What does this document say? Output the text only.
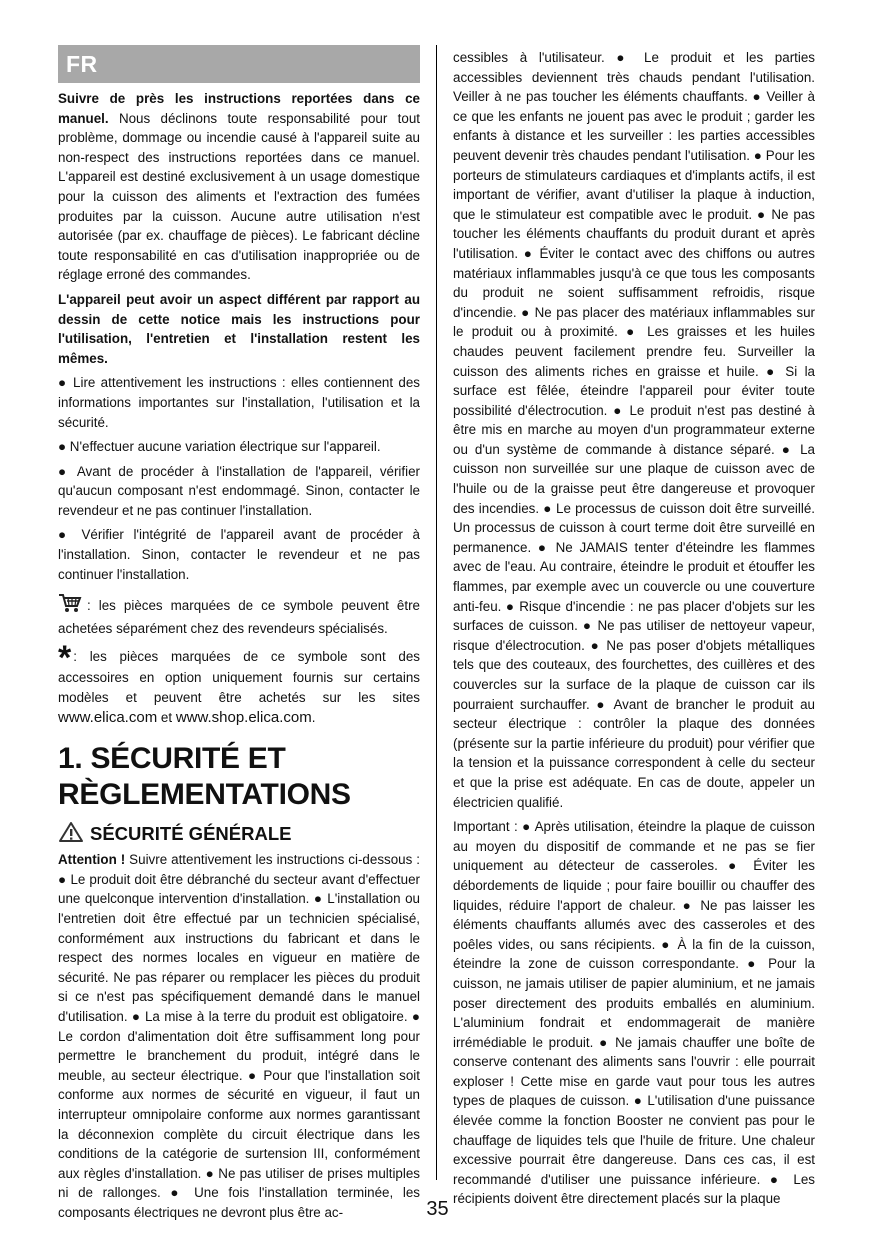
FR

Suivre de près les instructions reportées dans ce manuel. Nous déclinons toute responsabilité pour tout problème, dommage ou incendie causé à l'appareil suite au non-respect des instructions reportées dans ce manuel. L'appareil est destiné exclusivement à un usage domestique pour la cuisson des aliments et l'extraction des fumées produites par la cuisson. Aucune autre utilisation n'est autorisée (par ex. chauffage de pièces). Le fabricant décline toute responsabilité en cas d'utilisation inappropriée ou de réglage erroné des commandes.

L'appareil peut avoir un aspect différent par rapport au dessin de cette notice mais les instructions pour l'utilisation, l'entretien et l'installation restent les mêmes.

● Lire attentivement les instructions : elles contiennent des informations importantes sur l'installation, l'utilisation et la sécurité.

● N'effectuer aucune variation électrique sur l'appareil.

● Avant de procéder à l'installation de l'appareil, vérifier qu'aucun composant n'est endommagé. Sinon, contacter le revendeur et ne pas continuer l'installation.

● Vérifier l'intégrité de l'appareil avant de procéder à l'installation. Sinon, contacter le revendeur et ne pas continuer l'installation.

: les pièces marquées de ce symbole peuvent être achetées séparément chez des revendeurs spécialisés.

* : les pièces marquées de ce symbole sont des accessoires en option uniquement fournis sur certains modèles et peuvent être achetés sur les sites www.elica.com et www.shop.elica.com.

1. SÉCURITÉ ET
RÈGLEMENTATIONS
SÉCURITÉ GÉNÉRALE

Attention ! Suivre attentivement les instructions ci-dessous : ● Le produit doit être débranché du secteur avant d'effectuer une quelconque intervention d'installation. ● L'installation ou l'entretien doit être effectué par un technicien spécialisé, conformément aux instructions du fabricant et dans le respect des normes locales en vigueur en matière de sécurité. Ne pas réparer ou remplacer les pièces du produit si ce n'est pas spécifiquement demandé dans le manuel d'utilisation. ● La mise à la terre du produit est obligatoire. ● Le cordon d'alimentation doit être suffisamment long pour permettre le branchement du produit, intégré dans le meuble, au secteur électrique. ● Pour que l'installation soit conforme aux normes de sécurité en vigueur, il faut un interrupteur omnipolaire conforme aux normes garantissant la déconnexion complète du circuit électrique dans les conditions de la catégorie de surtension III, conformément aux règles d'installation. ● Ne pas utiliser de prises multiples ni de rallonges. ● Une fois l'installation terminée, les composants électriques ne devront plus être ac-

cessibles à l'utilisateur. ● Le produit et les parties accessibles deviennent très chauds pendant l'utilisation. Veiller à ne pas toucher les éléments chauffants. ● Veiller à ce que les enfants ne jouent pas avec le produit ; garder les enfants à distance et les surveiller : les parties accessibles peuvent devenir très chaudes pendant l'utilisation. ● Pour les porteurs de stimulateurs cardiaques et d'implants actifs, il est important de vérifier, avant d'utiliser la plaque à induction, que le stimulateur est compatible avec le produit. ● Ne pas toucher les éléments chauffants du produit durant et après l'utilisation. ● Éviter le contact avec des chiffons ou autres matériaux inflammables jusqu'à ce que tous les composants du produit ne soient suffisamment refroidis, risque d'incendie. ● Ne pas placer des matériaux inflammables sur le produit ou à proximité. ● Les graisses et les huiles chaudes peuvent facilement prendre feu. Surveiller la cuisson des aliments riches en graisse et huile. ● Si la surface est fêlée, éteindre l'appareil pour éviter toute possibilité d'électrocution. ● Le produit n'est pas destiné à être mis en marche au moyen d'un programmateur externe ou d'un système de commande à distance séparé. ● La cuisson non surveillée sur une plaque de cuisson avec de l'huile ou de la graisse peut être dangereuse et provoquer des incendies. ● Le processus de cuisson doit être surveillé. Un processus de cuisson à court terme doit être surveillé en permanence. ● Ne JAMAIS tenter d'éteindre les flammes avec de l'eau. Au contraire, éteindre le produit et étouffer les flammes, par exemple avec un couvercle ou une couverture anti-feu. ● Risque d'incendie : ne pas placer d'objets sur les surfaces de cuisson. ● Ne pas utiliser de nettoyeur vapeur, risque d'électrocution. ● Ne pas poser d'objets métalliques tels que des couteaux, des fourchettes, des cuillères et des couvercles sur la surface de la plaque de cuisson car ils pourraient surchauffer. ● Avant de brancher le produit au secteur électrique : contrôler la plaque des données (présente sur la partie inférieure du produit) pour vérifier que la tension et la puissance correspondent à celle du secteur et que la prise est adéquate. En cas de doute, appeler un électricien qualifié.

Important : ● Après utilisation, éteindre la plaque de cuisson au moyen du dispositif de commande et ne pas se fier uniquement au détecteur de casseroles. ● Éviter les débordements de liquide ; pour faire bouillir ou chauffer des liquides, réduire l'apport de chaleur. ● Ne pas laisser les éléments chauffants allumés avec des casseroles et des poêles vides, ou sans récipients. ● À la fin de la cuisson, éteindre la zone de cuisson correspondante. ● Pour la cuisson, ne jamais utiliser de papier aluminium, et ne jamais poser directement des produits emballés en aluminium. L'aluminium fondrait et endommagerait de manière irrémédiable le produit. ● Ne jamais chauffer une boîte de conserve contenant des aliments sans l'ouvrir : elle pourrait exploser ! Cette mise en garde vaut pour tous les autres types de plaques de cuisson. ● L'utilisation d'une puissance élevée comme la fonction Booster ne convient pas pour le chauffage de liquides tels que l'huile de friture. Une chaleur excessive pourrait être dangereuse. Dans ces cas, il est recommandé d'utiliser une puissance inférieure. ● Les récipients doivent être directement placés sur la plaque

35
